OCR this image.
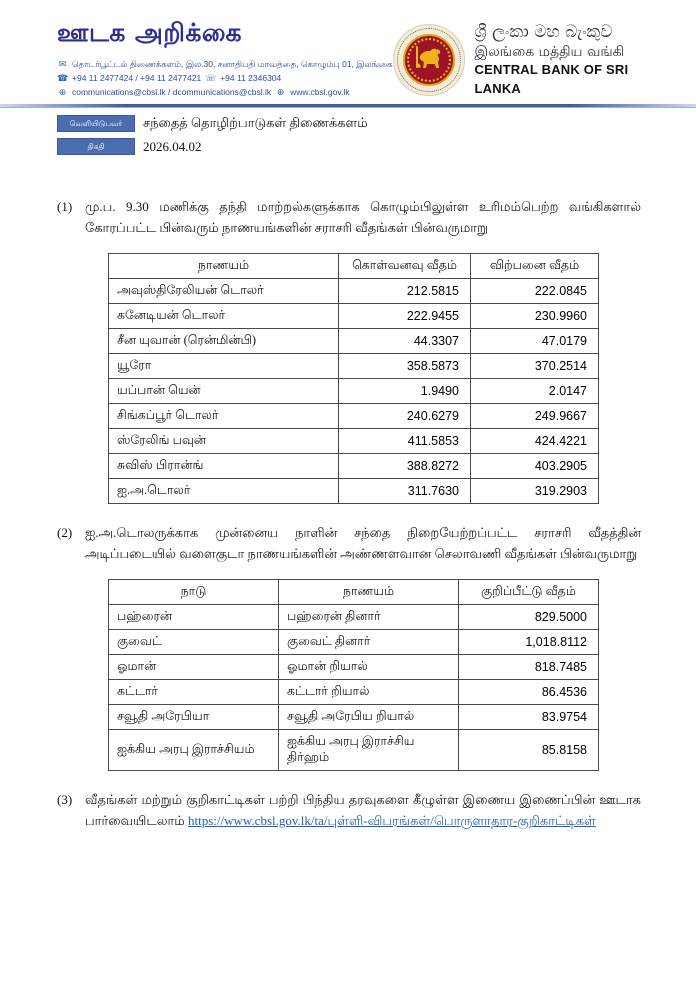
ஊடக அறிக்கை
✉ தொடர்பூட்டல் திணைக்களம், இல.30, சனாதிபதி மாவத்தை, கொழும்பு 01, இலங்கை
☎ +94 11 2477424 / +94 11 2477421 ☏ +94 11 2346304
⊕ communications@cbsl.lk / dcommunications@cbsl.lk ⊕ www.cbsl.gov.lk
ශ්‍රී ලංකා මහ බැංකුව
இலங்கை மத்திய வங்கி
CENTRAL BANK OF SRI LANKA
வெளியிடுபவர்	சந்தைத் தொழிற்பாடுகள் திணைக்களம்
திகதி	2026.04.02
(1) மு.ப. 9.30 மணிக்கு தந்தி மாற்றல்களுக்காக கொழும்பிலுள்ள உரிமம்பெற்ற வங்கிகளால் கோரப்பட்ட பின்வரும் நாணயங்களின் சராசரி வீதங்கள் பின்வருமாறு
நாணயம்	கொள்வனவு வீதம்	விற்பனை வீதம்
அவுஸ்திரேலியன் டொலர்	212.5815	222.0845
கனேடியன் டொலர்	222.9455	230.9960
சீன யுவான் (ரென்மின்பி)	44.3307	47.0179
யூரோ	358.5873	370.2514
யப்பான் யென்	1.9490	2.0147
சிங்கப்பூர் டொலர்	240.6279	249.9667
ஸ்ரேலிங் பவுன்	411.5853	424.4221
சுவிஸ் பிரான்ங்	388.8272	403.2905
ஐ.அ.டொலர்	311.7630	319.2903
(2) ஐ.அ.டொலருக்காக முன்னைய நாளின் சந்தை நிறையேற்றப்பட்ட சராசரி வீதத்தின் அடிப்படையில் வளைகுடா நாணயங்களின் அண்ணளவான செலாவணி வீதங்கள் பின்வருமாறு
நாடு	நாணயம்	குறிப்பீட்டு வீதம்
பஹ்ரைன்	பஹ்ரைன் தினார்	829.5000
குவைட்	குவைட் தினார்	1,018.8112
ஓமான்	ஓமான் றியால்	818.7485
கட்டார்	கட்டார் றியால்	86.4536
சவூதி அரேபியா	சவூதி அரேபிய றியால்	83.9754
ஐக்கிய அரபு இராச்சியம்	ஐக்கிய அரபு இராச்சிய திர்ஹம்	85.8158
(3) வீதங்கள் மற்றும் குறிகாட்டிகள் பற்றி பிந்திய தரவுகளை கீழுள்ள இணைய இணைப்பின் ஊடாக பார்வையிடலாம் https://www.cbsl.gov.lk/ta/புள்ளி-விபரங்கள்/பொருளாதார-குறிகாட்டிகள்
